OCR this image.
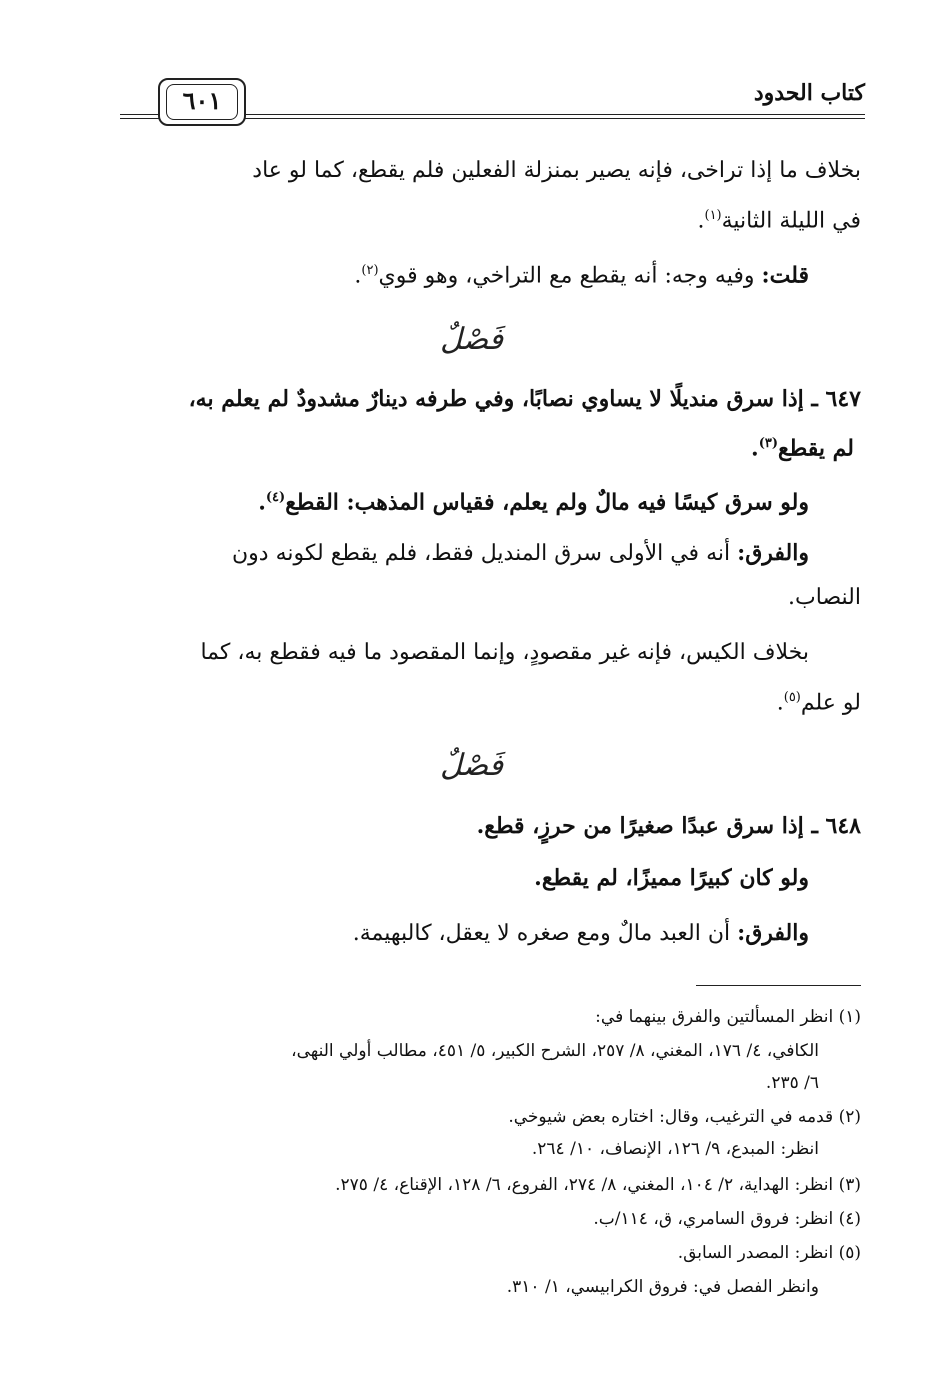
كتاب الحدود
٦٠١
بخلاف ما إذا تراخى، فإنه يصير بمنزلة الفعلين فلم يقطع، كما لو عاد
في الليلة الثانية$^{(١)}$.
قلت: وفيه وجه: أنه يقطع مع التراخي، وهو قوي$^{(٢)}$.
فَصْلٌ
٦٤٧ ـ إذا سرق منديلًا لا يساوي نصابًا، وفي طرفه دينارٌ مشدودٌ لم يعلم به،
لم يقطع$^{(٣)}$.
ولو سرق كيسًا فيه مالٌ ولم يعلم، فقياس المذهب: القطع$^{(٤)}$.
والفرق: أنه في الأولى سرق المنديل فقط، فلم يقطع لكونه دون
النصاب.
بخلاف الكيس، فإنه غير مقصودٍ، وإنما المقصود ما فيه فقطع به، كما
لو علم$^{(٥)}$.
فَصْلٌ
٦٤٨ ـ إذا سرق عبدًا صغيرًا من حرزٍ، قطع.
ولو كان كبيرًا مميزًا، لم يقطع.
والفرق: أن العبد مالٌ ومع صغره لا يعقل، كالبهيمة.
(١) انظر المسألتين والفرق بينهما في:
الكافي، ٤/ ١٧٦، المغني، ٨/ ٢٥٧، الشرح الكبير، ٥/ ٤٥١، مطالب أولي النهى،
٦/ ٢٣٥.
(٢) قدمه في الترغيب، وقال: اختاره بعض شيوخي.
انظر: المبدع، ٩/ ١٢٦، الإنصاف، ١٠/ ٢٦٤.
(٣) انظر: الهداية، ٢/ ١٠٤، المغني، ٨/ ٢٧٤، الفروع، ٦/ ١٢٨، الإقناع، ٤/ ٢٧٥.
(٤) انظر: فروق السامري، ق، ١١٤/ب.
(٥) انظر: المصدر السابق.
وانظر الفصل في: فروق الكرابيسي، ١/ ٣١٠.
